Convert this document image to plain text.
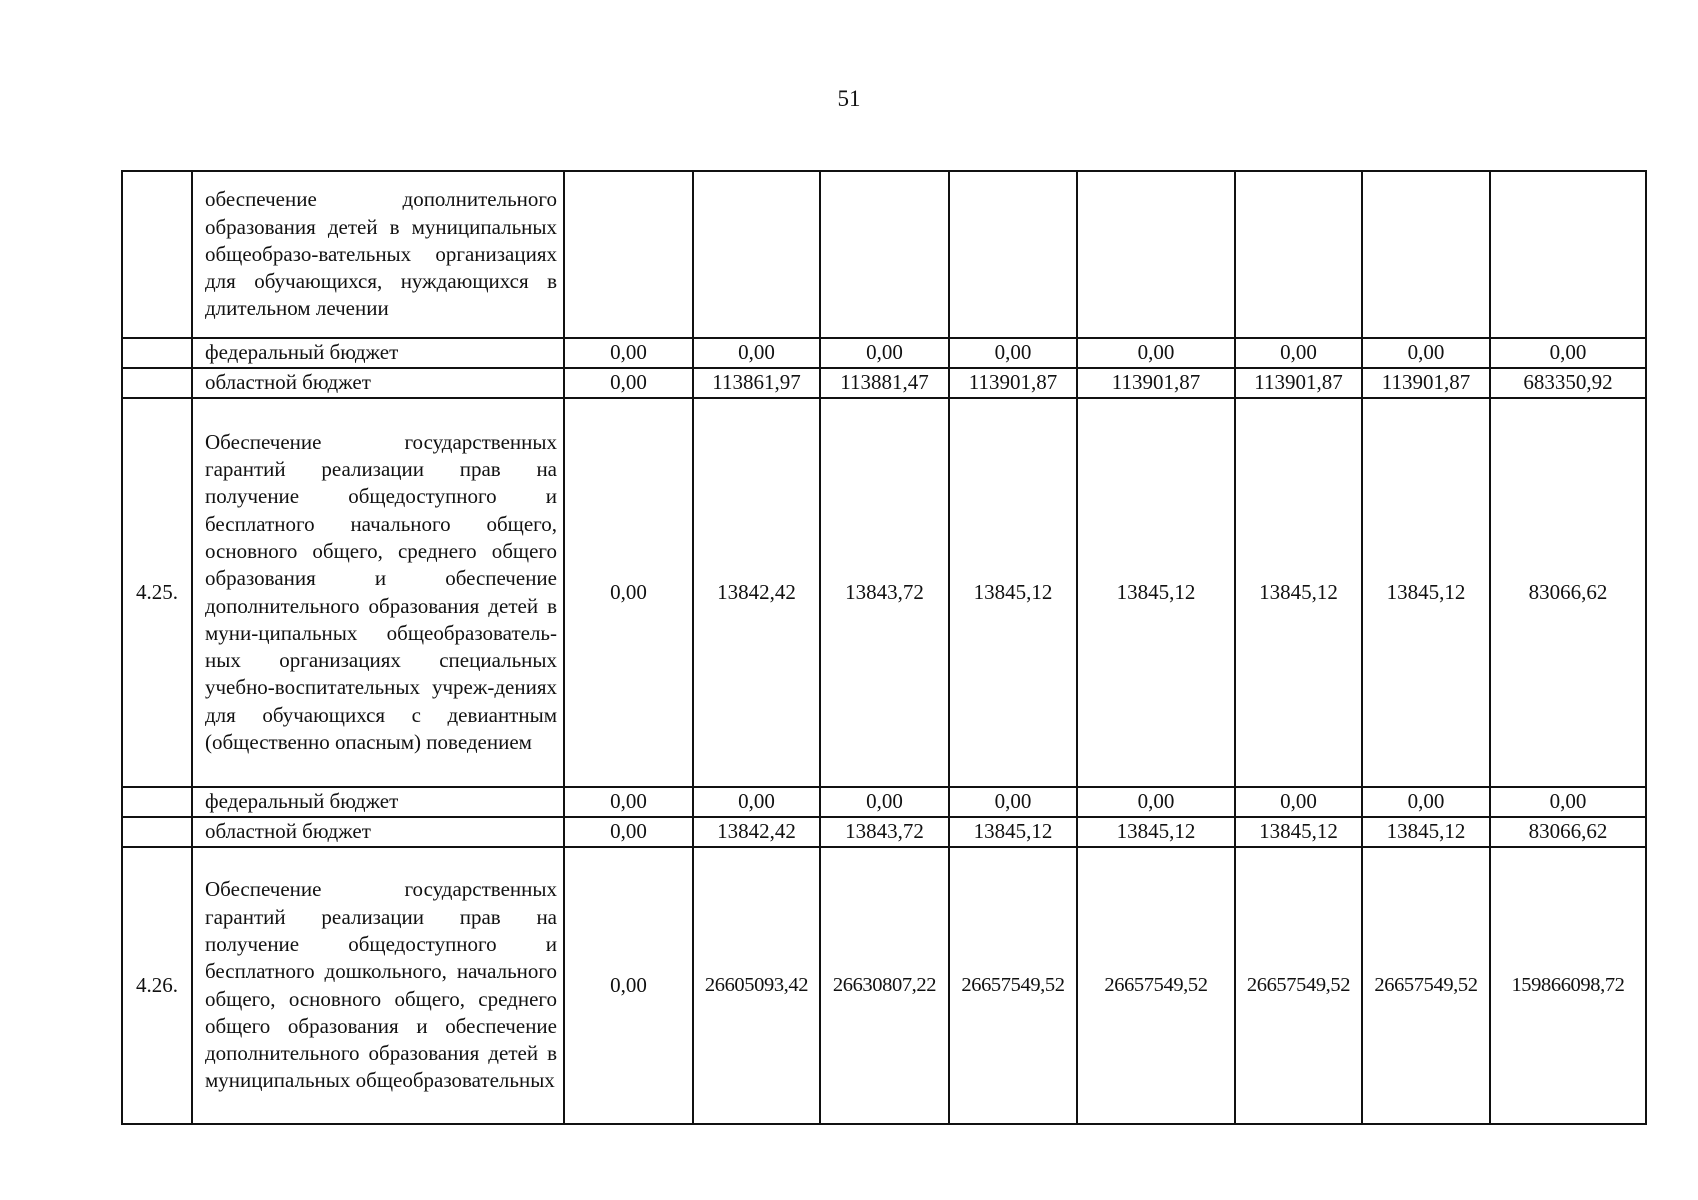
51
	обеспечение дополнительного образования детей в муниципальных общеобразо-вательных организациях для обучающихся, нуждающихся в длительном лечении								
	федеральный бюджет	0,00	0,00	0,00	0,00	0,00	0,00	0,00	0,00
	областной бюджет	0,00	113861,97	113881,47	113901,87	113901,87	113901,87	113901,87	683350,92
4.25.	Обеспечение государственных гарантий реализации прав на получение общедоступного и бесплатного начального общего, основного общего, среднего общего образования и обеспечение дополнительного образования детей в муни-ципальных общеобразователь-ных организациях специальных учебно-воспитательных учреж-дениях для обучающихся с девиантным (общественно опасным) поведением	0,00	13842,42	13843,72	13845,12	13845,12	13845,12	13845,12	83066,62
	федеральный бюджет	0,00	0,00	0,00	0,00	0,00	0,00	0,00	0,00
	областной бюджет	0,00	13842,42	13843,72	13845,12	13845,12	13845,12	13845,12	83066,62
4.26.	Обеспечение государственных гарантий реализации прав на получение общедоступного и бесплатного дошкольного, начального общего, основного общего, среднего общего образования и обеспечение дополнительного образования детей в муниципальных общеобразовательных	0,00	26605093,42	26630807,22	26657549,52	26657549,52	26657549,52	26657549,52	159866098,72
